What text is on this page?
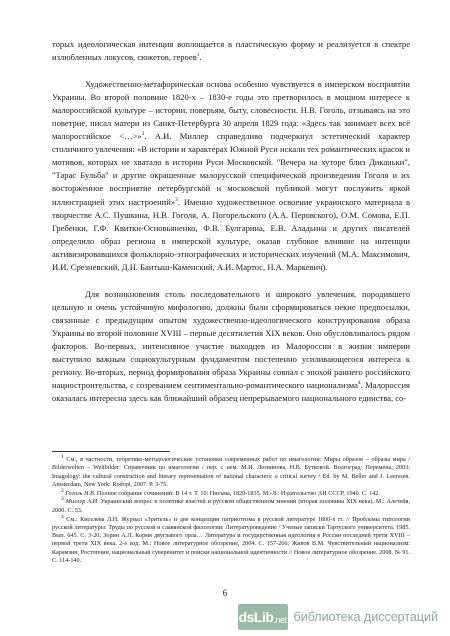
торых идеологическая интенция воплощается в пластическую форму и реализуется в спектре излюбленных локусов, сюжетов, героев$^1$.

Художественно-метафорическая основа особенно чувствуется в имперском восприятии Украины. Во второй половине 1820-х – 1830-е годы это претворилось в мощном интересе к малороссийской культуре – истории, поверьям, быту, словесности. Н.В. Гоголь, отзываясь на это поветрие, писал матери из Санкт-Петербурга 30 апреля 1829 года: «Здесь так занимает всех всё малороссийское <…>»$^2$. А.И. Миллер справедливо подчеркнул эстетический характер столичного увлечения: «В истории и характерах Южной Руси искали тех романтических красок и мотивов, которых не хватало в истории Руси Московской. "Вечера на хуторе близ Диканьки", "Тарас Бульба" и другие окрашенные малорусской специфической произведения Гоголя и их восторженное восприятие петербургской и московской публикой могут послужить яркой иллюстрацией этих настроений»$^3$. Именно художественное освоение украинского материала в творчестве А.С. Пушкина, Н.В. Гоголя, А. Погорельского (А.А. Перовского), О.М. Сомова, Е.П. Гребенки, Г.Ф. Квитки-Основьяненко, Ф.В. Булгарина, Е.В. Аладьина и других писателей определило образ региона в имперской культуре, оказав глубокое влияние на интенции активизировавшихся фольклорно-этнографических и исторических изучений (М.А. Максимович, И.И. Срезневский, Д.Н. Бантыш-Каменский, А.И. Мартос, Н.А. Маркевич).

Для возникновения столь последовательного и широкого увлечения, породившего цельную и очень устойчивую мифологию, должны были сформироваться некие предпосылки, связанные с предыдущим опытом художественно-идеологического конструирования образа Украины во второй половине XVIII – первые десятилетия XIX веков. Оно обусловливалось рядом факторов. Во-первых, интенсивное участие выходцев из Малороссии в жизни империи выступило важным социокультурным фундаментом постепенно усиливающегося интереса к региону. Во-вторых, период формирования образа Украины совпал с эпохой раннего российского нациостроительства, с созреванием сентиментально-романтического национализма$^4$. Малороссия оказалась интересна здесь как ближайший образец непрерываемого национального единства, со-

$^1$ См., в частности, теоретико-методологические установки современных работ по имагологии: Миры образов – образы мира / Bilderwelten – Weltbilder: Справочник по имагологии / пер. с нем. М.И. Логвинова, Н.В. Бутковой. Волгоград: Перемена, 2003; Imagology: the cultural construction and literary representation of national characters: a critical survey / Ed. by M. Beller and J. Leerssen. Amsterdam, New York: Rodopi, 2007. P. 3-75.

$^2$ Гоголь Н.В. Полное собрание сочинений: В 14 т. Т. 10: Письма, 1820-1835. М.-Л.: Издательство АН СССР, 1940. С. 142.

$^3$ Миллер А.И. Украинский вопрос в политике властей и русском общественном мнении (вторая половина XIX века). М.: Алетейя, 2000. С. 53.

$^4$ См.: Киселева Л.Н. Журнал «Зритель» и две концепции патриотизма в русской литературе 1800-х гг. // Проблемы типологии русской литературы: Труды по русской и славянской филологии: Литературоведение / Ученые записки Тартуского университета. 1985. Вып. 645. С. 3-20; Зорин А.Л. Кормя двуглавого орла… Литература и государственная идеология в России последней трети XVIII – первой трети XIX века. 2-е изд. М.: Новое литературное обозрение, 2004. С. 157-266; Живов В.М. Чувствительный национализм: Карамзин, Ростопчин, национальный суверенитет и поиски национальной идентичности // Новое литературное обозрение. 2008. № 91. С. 114-140.

6
dsLib .net библиотека диссертаций
